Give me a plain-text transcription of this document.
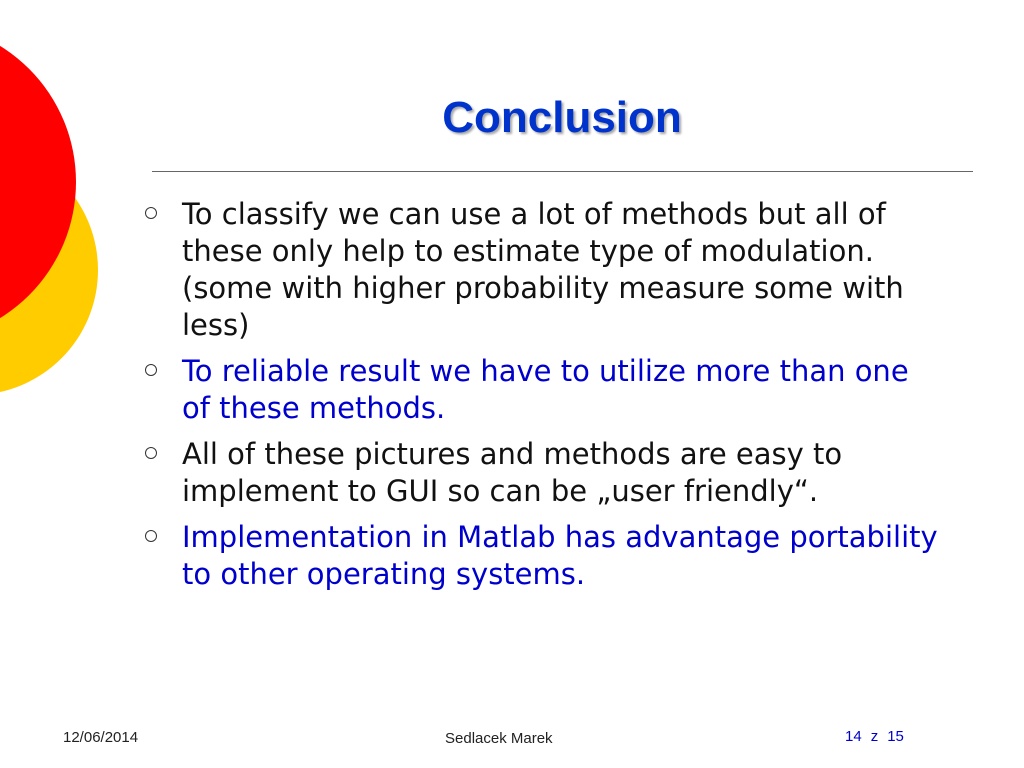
Conclusion
To classify we can use a lot of methods but all of these only help to estimate type of modulation. (some with higher probability measure some with less)
To reliable result we have to utilize more than one of these methods.
All of these pictures and methods are easy to implement to GUI so can be „user friendly“.
Implementation in Matlab has advantage portability to other operating systems.
12/06/2014	Sedlacek Marek	14 z 15
